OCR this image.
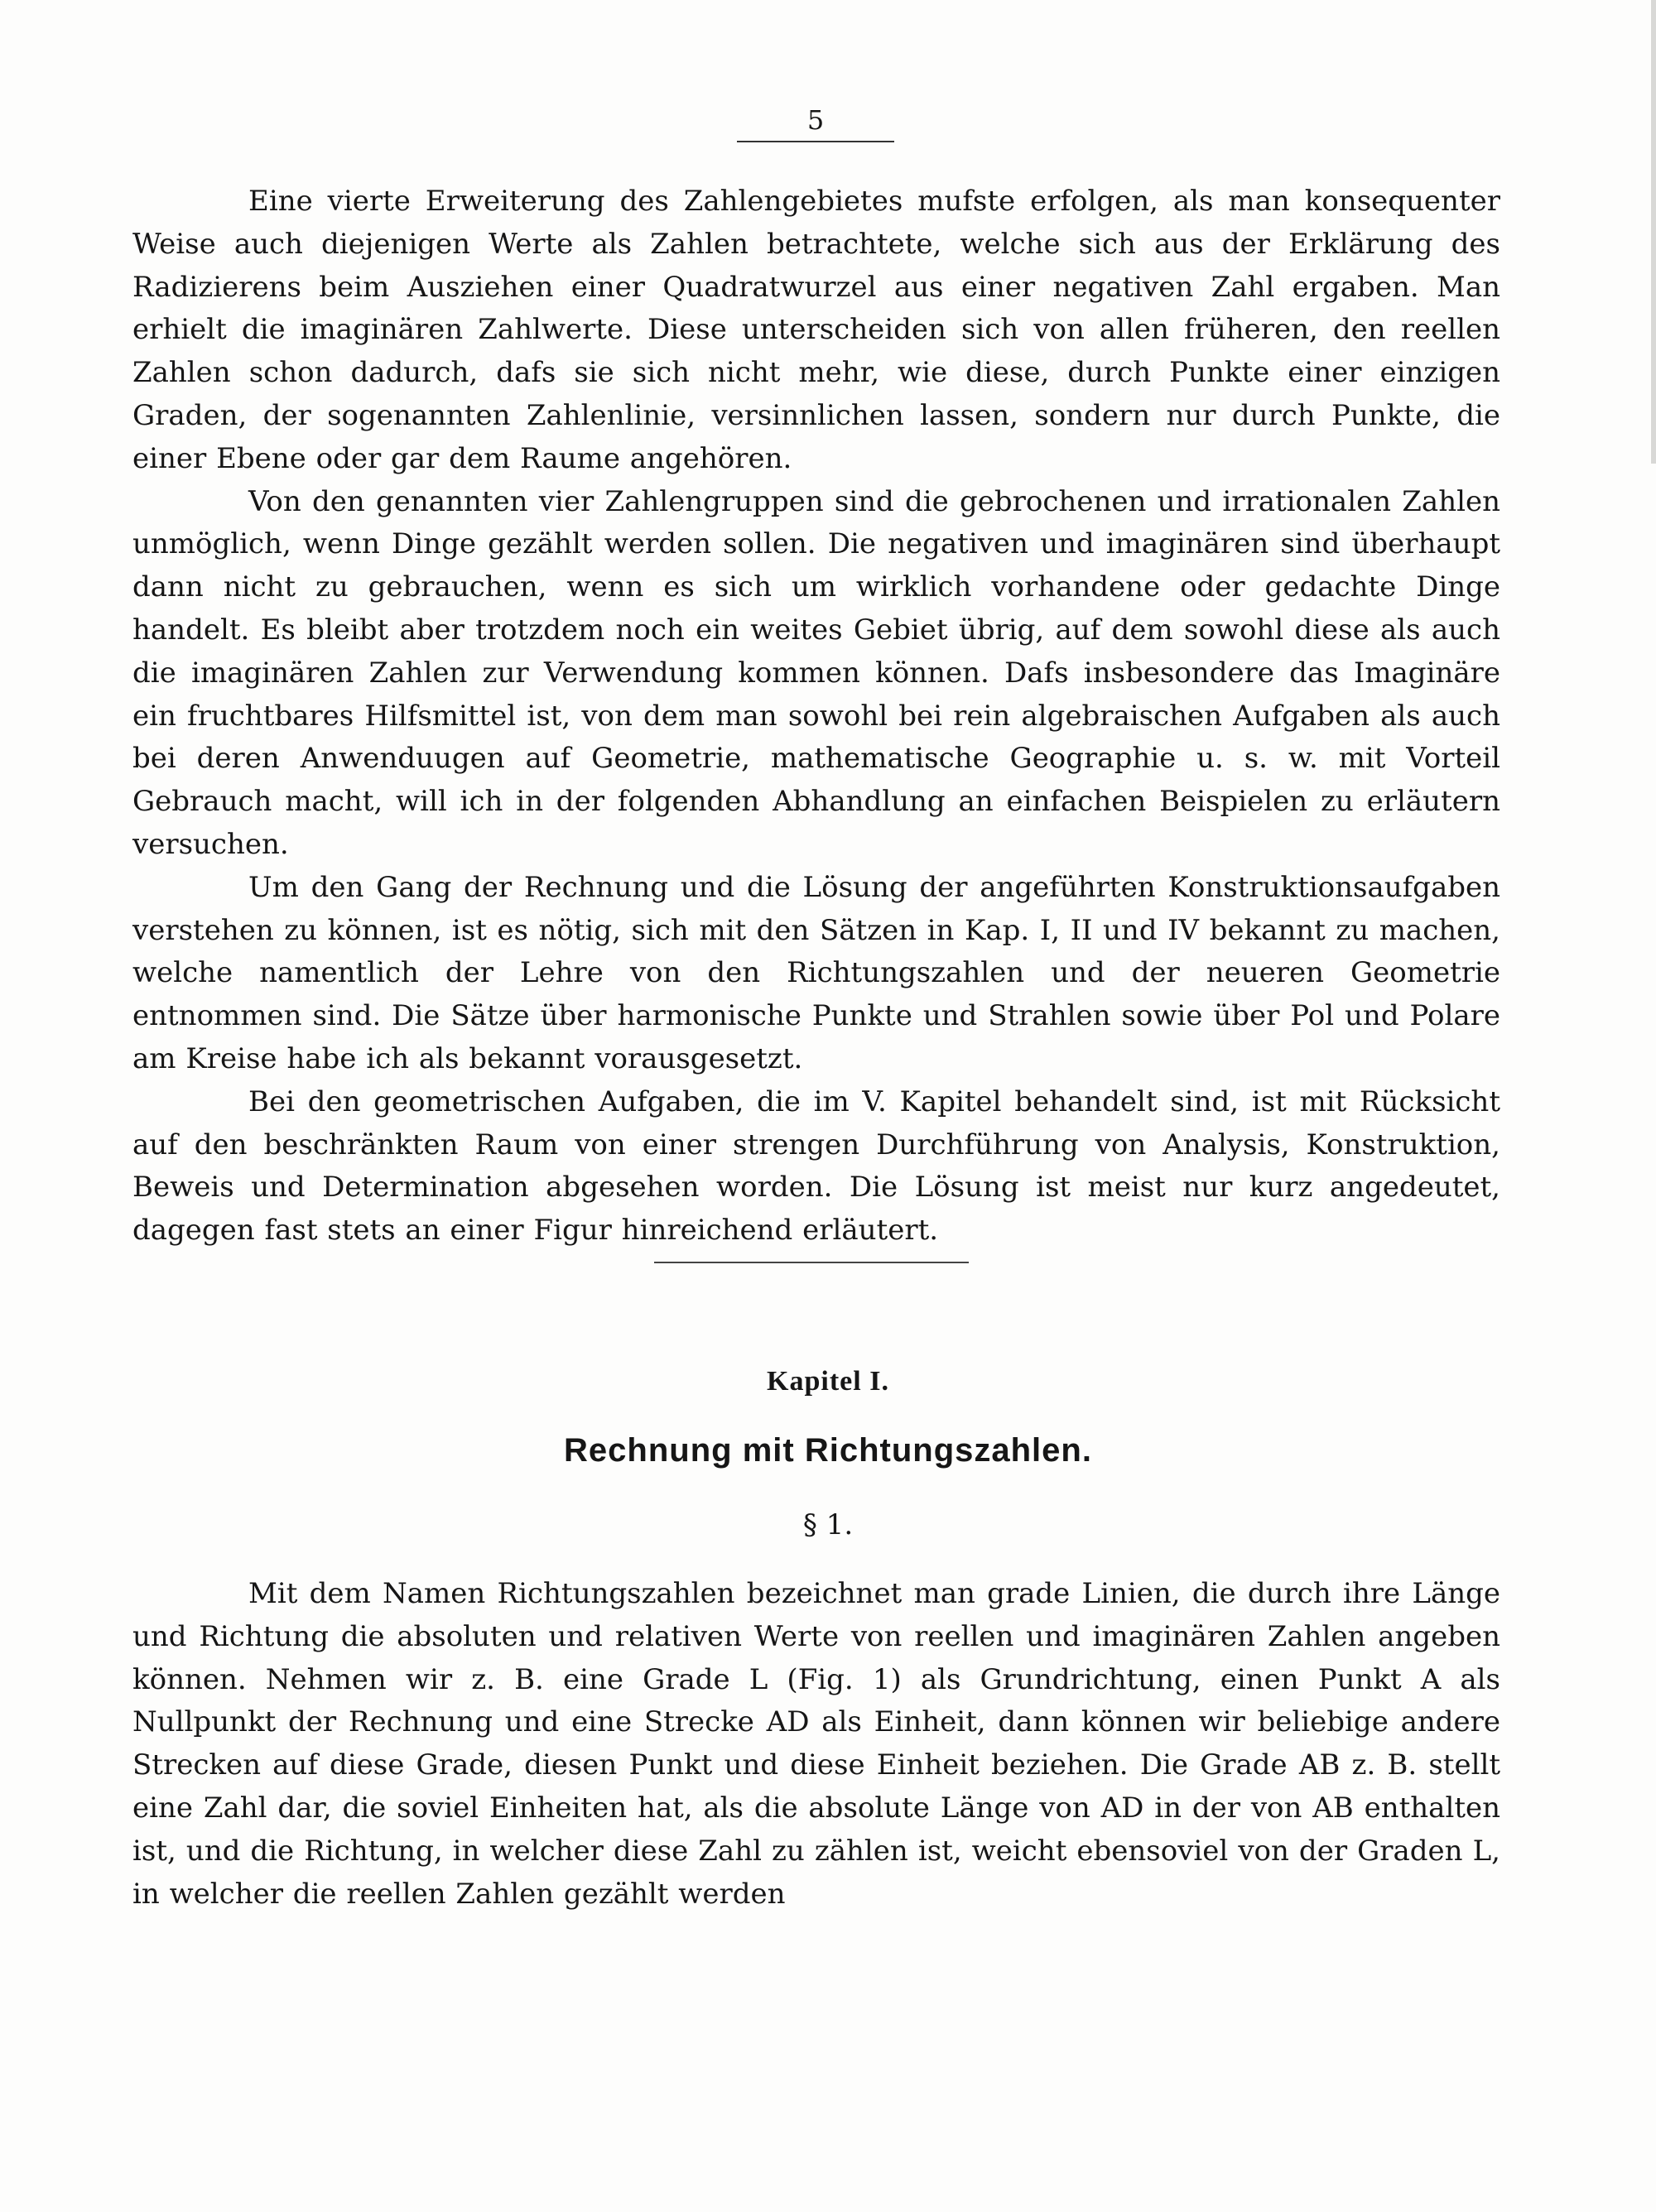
5

Eine vierte Erweiterung des Zahlengebietes mufste erfolgen, als man konsequenter Weise auch diejenigen Werte als Zahlen betrachtete, welche sich aus der Erklärung des Radizierens beim Ausziehen einer Quadratwurzel aus einer negativen Zahl ergaben. Man erhielt die imaginären Zahlwerte. Diese unterscheiden sich von allen früheren, den reellen Zahlen schon dadurch, dafs sie sich nicht mehr, wie diese, durch Punkte einer einzigen Graden, der sogenannten Zahlenlinie, versinnlichen lassen, sondern nur durch Punkte, die einer Ebene oder gar dem Raume angehören.

Von den genannten vier Zahlengruppen sind die gebrochenen und irrationalen Zahlen unmöglich, wenn Dinge gezählt werden sollen. Die negativen und imaginären sind überhaupt dann nicht zu gebrauchen, wenn es sich um wirklich vorhandene oder gedachte Dinge handelt. Es bleibt aber trotzdem noch ein weites Gebiet übrig, auf dem sowohl diese als auch die imaginären Zahlen zur Verwendung kommen können. Dafs insbesondere das Imaginäre ein fruchtbares Hilfsmittel ist, von dem man sowohl bei rein algebraischen Aufgaben als auch bei deren Anwenduugen auf Geometrie, mathematische Geographie u. s. w. mit Vorteil Gebrauch macht, will ich in der folgenden Abhandlung an einfachen Beispielen zu erläutern versuchen.

Um den Gang der Rechnung und die Lösung der angeführten Konstruktionsaufgaben verstehen zu können, ist es nötig, sich mit den Sätzen in Kap. I, II und IV bekannt zu machen, welche namentlich der Lehre von den Richtungszahlen und der neueren Geometrie entnommen sind. Die Sätze über harmonische Punkte und Strahlen sowie über Pol und Polare am Kreise habe ich als bekannt vorausgesetzt.

Bei den geometrischen Aufgaben, die im V. Kapitel behandelt sind, ist mit Rücksicht auf den beschränkten Raum von einer strengen Durchführung von Analysis, Konstruktion, Beweis und Determination abgesehen worden. Die Lösung ist meist nur kurz angedeutet, dagegen fast stets an einer Figur hinreichend erläutert.

Kapitel I.
Rechnung mit Richtungszahlen.
§ 1.

Mit dem Namen Richtungszahlen bezeichnet man grade Linien, die durch ihre Länge und Richtung die absoluten und relativen Werte von reellen und imaginären Zahlen angeben können. Nehmen wir z. B. eine Grade L (Fig. 1) als Grundrichtung, einen Punkt A als Nullpunkt der Rechnung und eine Strecke AD als Einheit, dann können wir beliebige andere Strecken auf diese Grade, diesen Punkt und diese Einheit beziehen. Die Grade AB z. B. stellt eine Zahl dar, die soviel Einheiten hat, als die absolute Länge von AD in der von AB enthalten ist, und die Richtung, in welcher diese Zahl zu zählen ist, weicht ebensoviel von der Graden L, in welcher die reellen Zahlen gezählt werden
